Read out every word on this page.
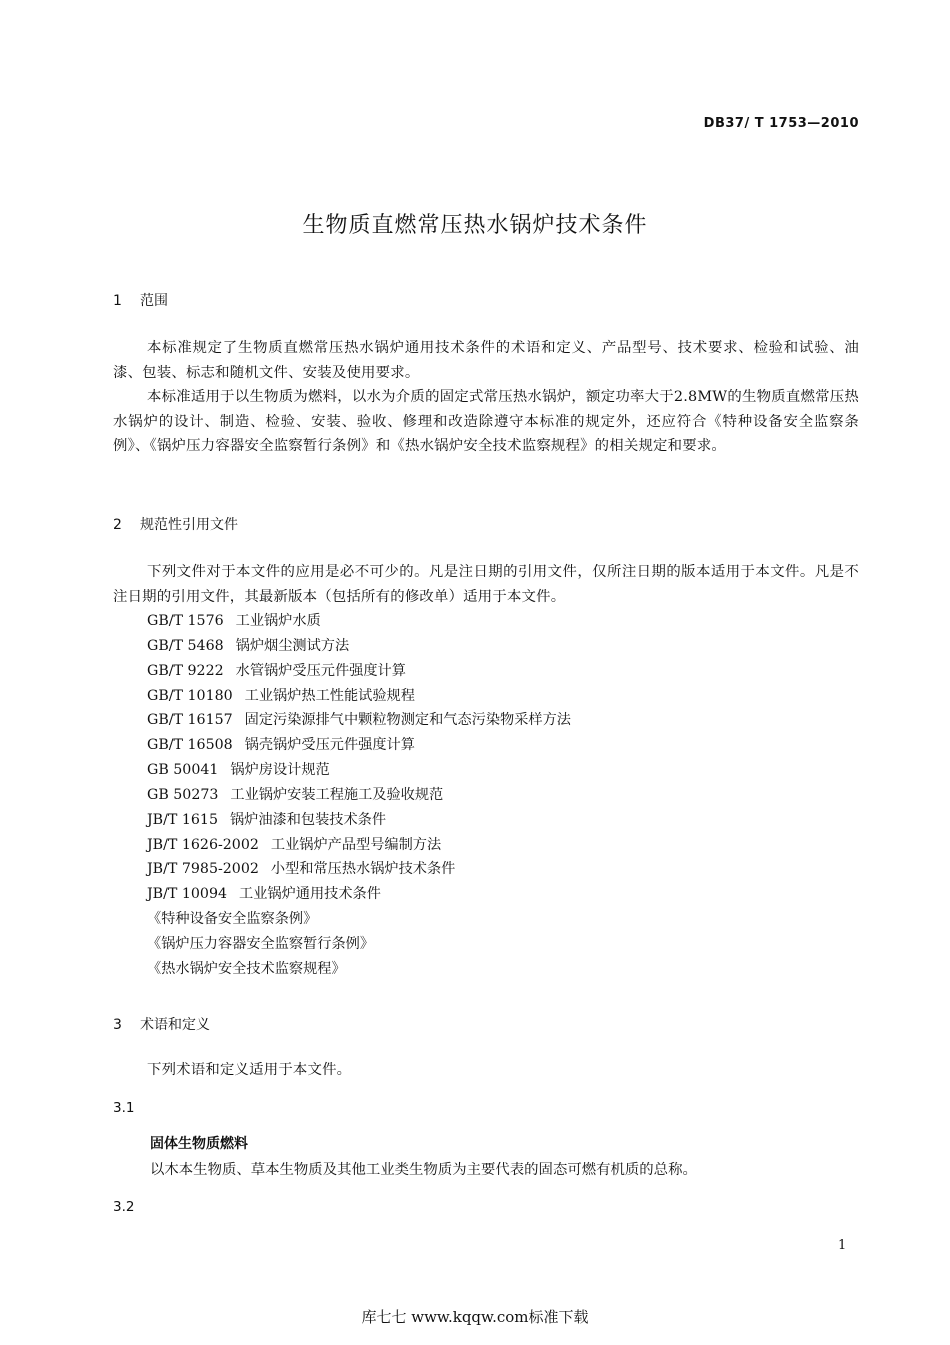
DB37/ T 1753—2010
生物质直燃常压热水锅炉技术条件
1 范围

本标准规定了生物质直燃常压热水锅炉通用技术条件的术语和定义、产品型号、技术要求、检验和试验、油漆、包装、标志和随机文件、安装及使用要求。

本标准适用于以生物质为燃料，以水为介质的固定式常压热水锅炉，额定功率大于2.8MW的生物质直燃常压热水锅炉的设计、制造、检验、安装、验收、修理和改造除遵守本标准的规定外，还应符合《特种设备安全监察条例》、《锅炉压力容器安全监察暂行条例》和《热水锅炉安全技术监察规程》的相关规定和要求。

2 规范性引用文件

下列文件对于本文件的应用是必不可少的。凡是注日期的引用文件，仅所注日期的版本适用于本文件。凡是不注日期的引用文件，其最新版本（包括所有的修改单）适用于本文件。

GB/T 1576 工业锅炉水质
GB/T 5468 锅炉烟尘测试方法
GB/T 9222 水管锅炉受压元件强度计算
GB/T 10180 工业锅炉热工性能试验规程
GB/T 16157 固定污染源排气中颗粒物测定和气态污染物采样方法
GB/T 16508 锅壳锅炉受压元件强度计算
GB 50041 锅炉房设计规范
GB 50273 工业锅炉安装工程施工及验收规范
JB/T 1615 锅炉油漆和包装技术条件
JB/T 1626-2002 工业锅炉产品型号编制方法
JB/T 7985-2002 小型和常压热水锅炉技术条件
JB/T 10094 工业锅炉通用技术条件
《特种设备安全监察条例》
《锅炉压力容器安全监察暂行条例》
《热水锅炉安全技术监察规程》
3 术语和定义

下列术语和定义适用于本文件。

3.1
固体生物质燃料
以木本生物质、草本生物质及其他工业类生物质为主要代表的固态可燃有机质的总称。
3.2
1
库七七 www.kqqw.com标准下载
